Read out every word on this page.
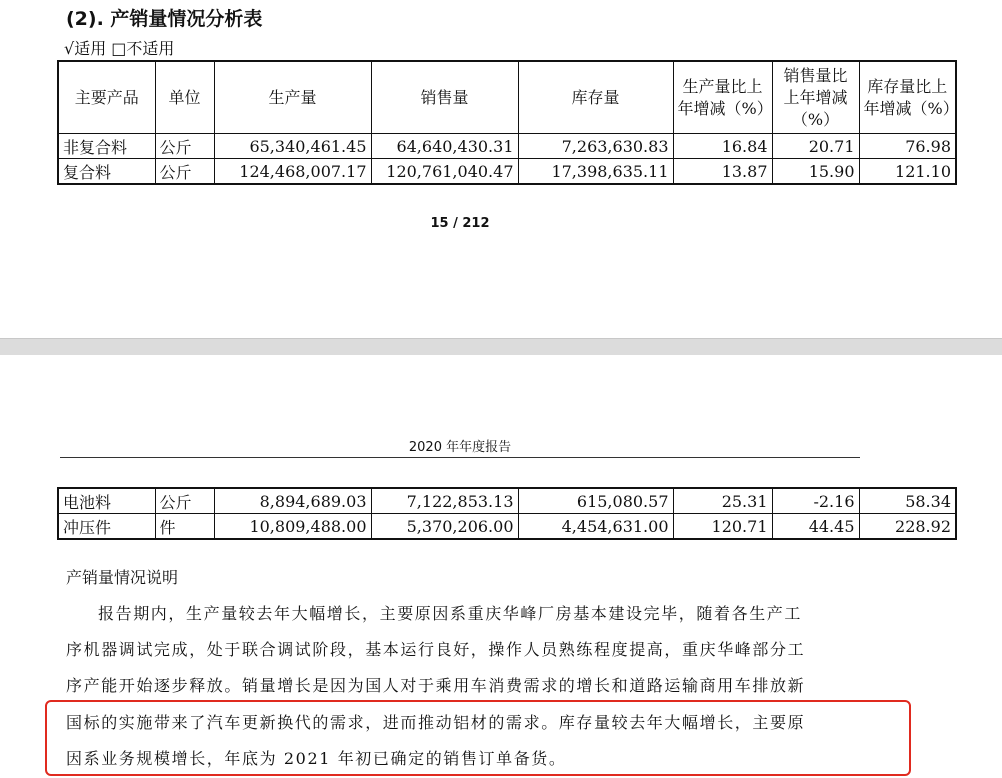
(2). 产销量情况分析表
√适用 □不适用
主要产品	单位	生产量	销售量	库存量	生产量比上年增减（%）	销售量比上年增减（%）	库存量比上年增减（%）
非复合料	公斤	65,340,461.45	64,640,430.31	7,263,630.83	16.84	20.71	76.98
复合料	公斤	124,468,007.17	120,761,040.47	17,398,635.11	13.87	15.90	121.10
15 / 212
2020 年年度报告
电池料	公斤	8,894,689.03	7,122,853.13	615,080.57	25.31	-2.16	58.34
冲压件	件	10,809,488.00	5,370,206.00	4,454,631.00	120.71	44.45	228.92
产销量情况说明
报告期内，生产量较去年大幅增长，主要原因系重庆华峰厂房基本建设完毕，随着各生产工
序机器调试完成，处于联合调试阶段，基本运行良好，操作人员熟练程度提高，重庆华峰部分工
序产能开始逐步释放。销量增长是因为国人对于乘用车消费需求的增长和道路运输商用车排放新
国标的实施带来了汽车更新换代的需求，进而推动铝材的需求。库存量较去年大幅增长，主要原
因系业务规模增长，年底为 2021 年初已确定的销售订单备货。
